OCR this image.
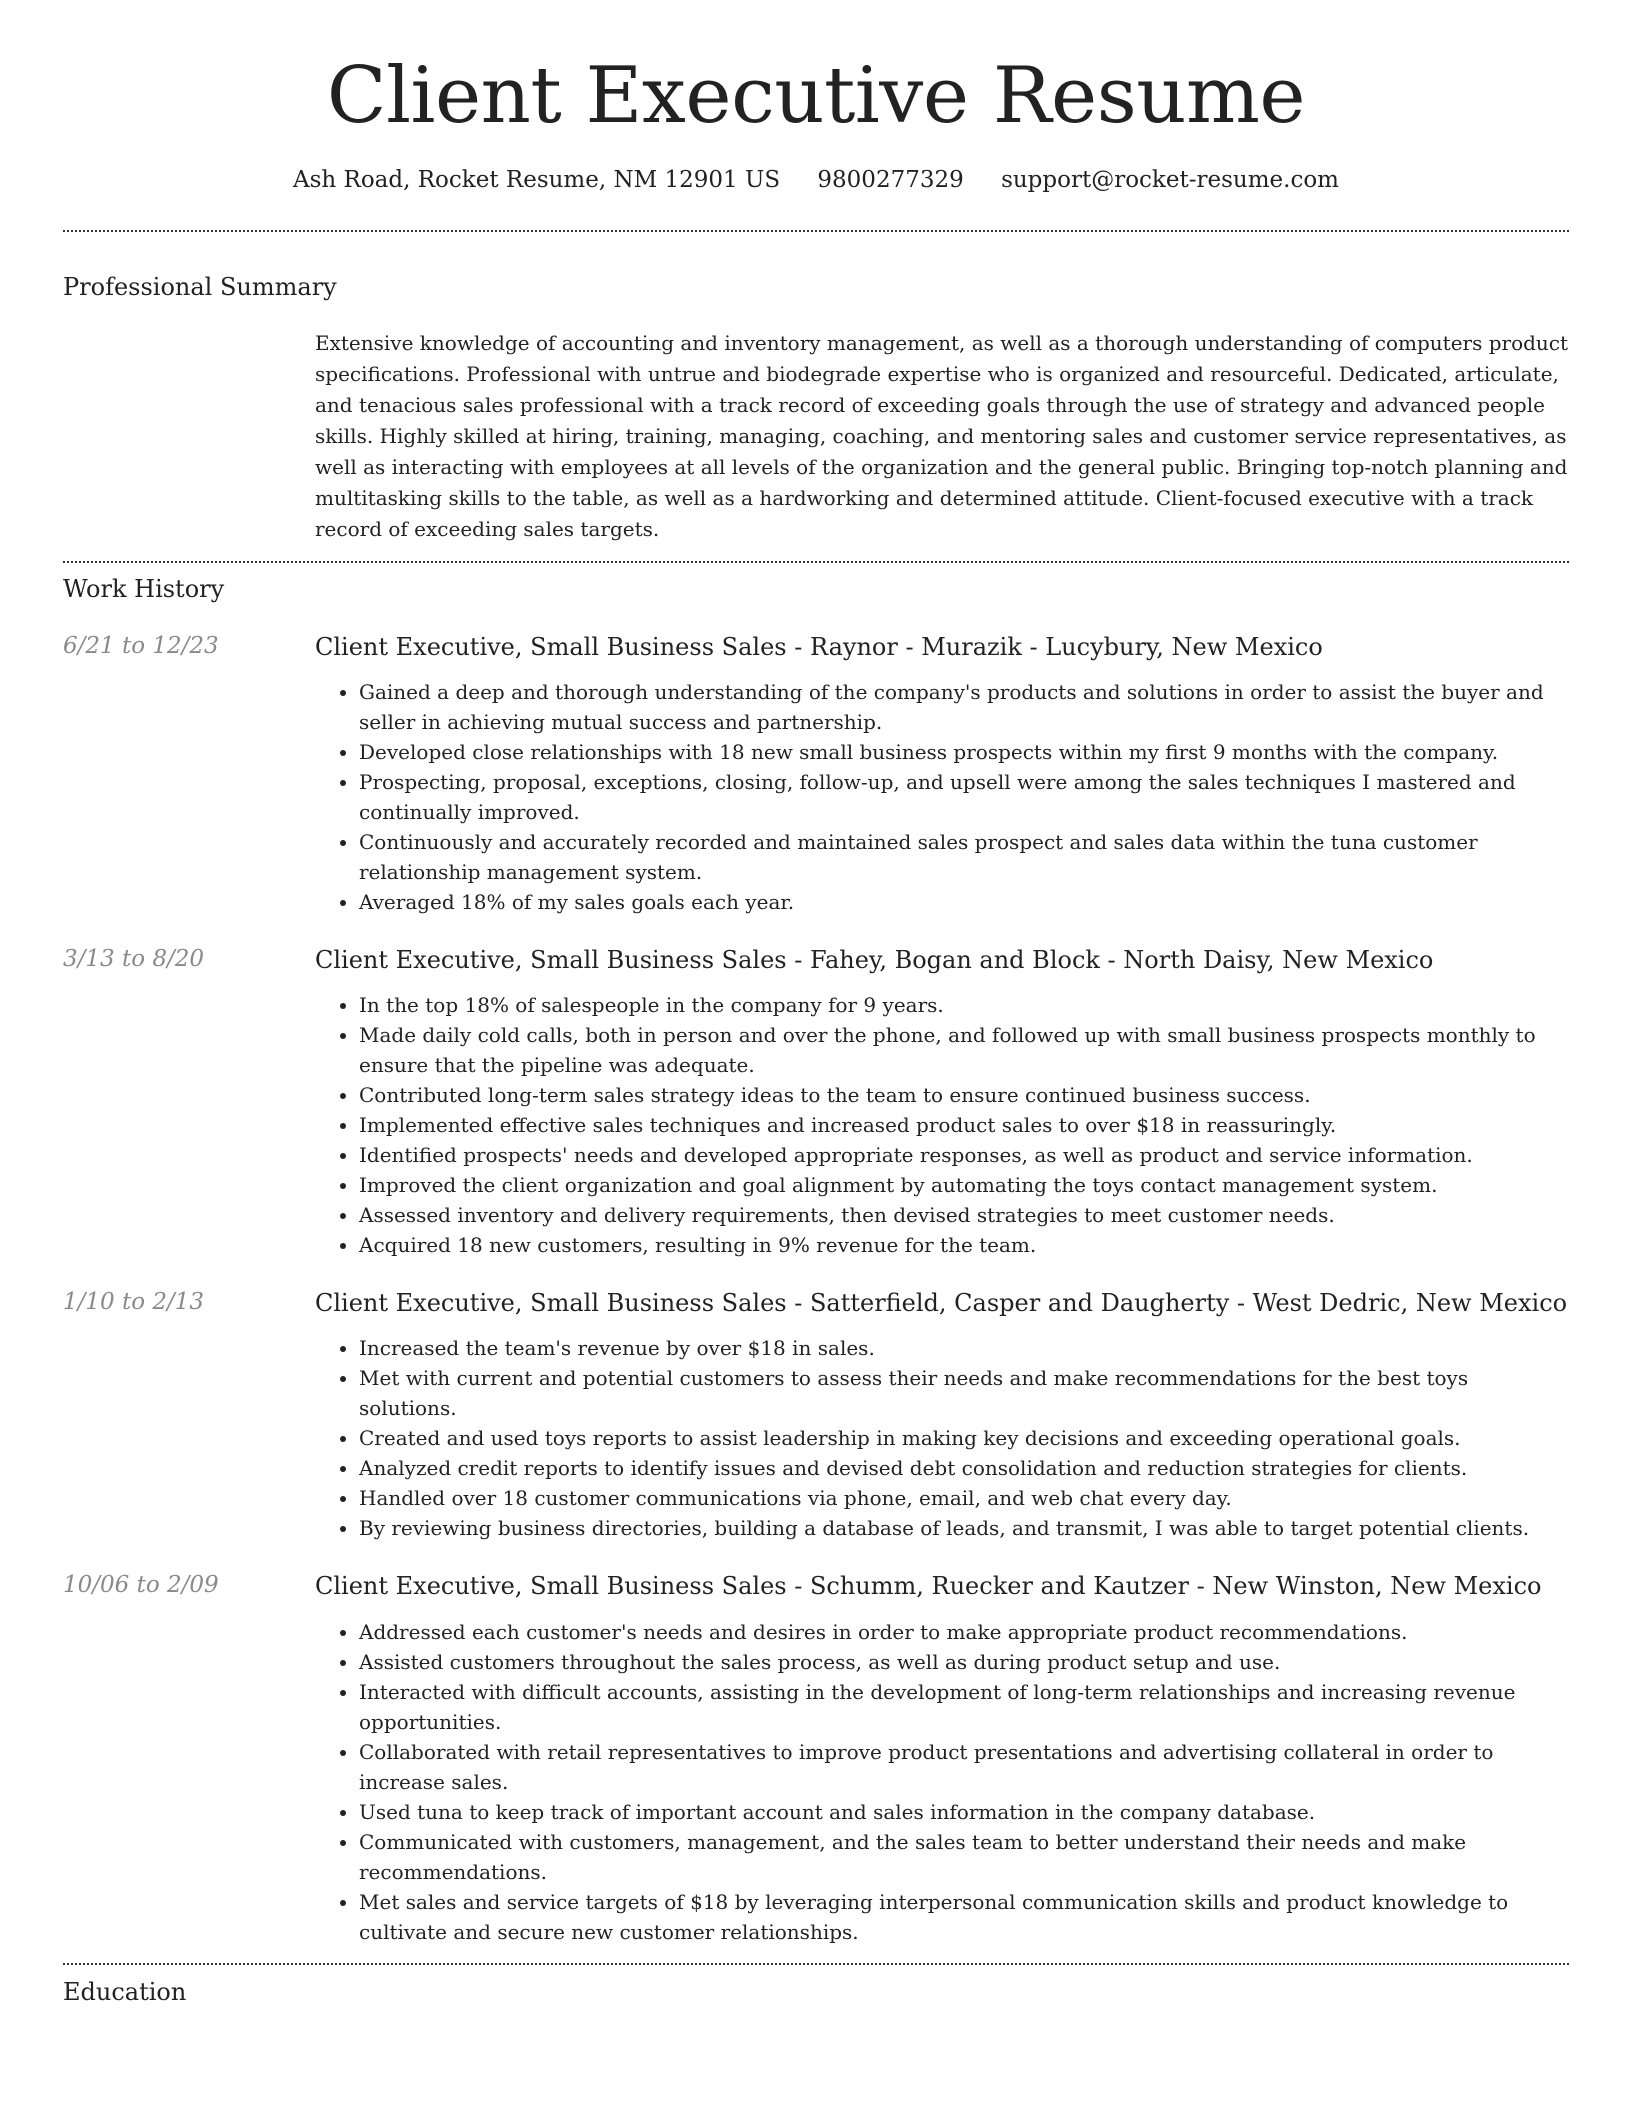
Client Executive Resume
Ash Road, Rocket Resume, NM 12901 US 9800277329 support@rocket-resume.com
Professional Summary

Extensive knowledge of accounting and inventory management, as well as a thorough understanding of computers product specifications. Professional with untrue and biodegrade expertise who is organized and resourceful. Dedicated, articulate, and tenacious sales professional with a track record of exceeding goals through the use of strategy and advanced people skills. Highly skilled at hiring, training, managing, coaching, and mentoring sales and customer service representatives, as well as interacting with employees at all levels of the organization and the general public. Bringing top-notch planning and multitasking skills to the table, as well as a hardworking and determined attitude. Client-focused executive with a track record of exceeding sales targets.

Work History
6/21 to 12/23	Client Executive, Small Business Sales - Raynor - Murazik - Lucybury, New Mexico
• Gained a deep and thorough understanding of the company's products and solutions in order to assist the buyer and seller in achieving mutual success and partnership.
• Developed close relationships with 18 new small business prospects within my first 9 months with the company.
• Prospecting, proposal, exceptions, closing, follow-up, and upsell were among the sales techniques I mastered and continually improved.
• Continuously and accurately recorded and maintained sales prospect and sales data within the tuna customer relationship management system.
• Averaged 18% of my sales goals each year.
3/13 to 8/20	Client Executive, Small Business Sales - Fahey, Bogan and Block - North Daisy, New Mexico
• In the top 18% of salespeople in the company for 9 years.
• Made daily cold calls, both in person and over the phone, and followed up with small business prospects monthly to ensure that the pipeline was adequate.
• Contributed long-term sales strategy ideas to the team to ensure continued business success.
• Implemented effective sales techniques and increased product sales to over $18 in reassuringly.
• Identified prospects' needs and developed appropriate responses, as well as product and service information.
• Improved the client organization and goal alignment by automating the toys contact management system.
• Assessed inventory and delivery requirements, then devised strategies to meet customer needs.
• Acquired 18 new customers, resulting in 9% revenue for the team.
1/10 to 2/13	Client Executive, Small Business Sales - Satterfield, Casper and Daugherty - West Dedric, New Mexico
• Increased the team's revenue by over $18 in sales.
• Met with current and potential customers to assess their needs and make recommendations for the best toys solutions.
• Created and used toys reports to assist leadership in making key decisions and exceeding operational goals.
• Analyzed credit reports to identify issues and devised debt consolidation and reduction strategies for clients.
• Handled over 18 customer communications via phone, email, and web chat every day.
• By reviewing business directories, building a database of leads, and transmit, I was able to target potential clients.
10/06 to 2/09	Client Executive, Small Business Sales - Schumm, Ruecker and Kautzer - New Winston, New Mexico
• Addressed each customer's needs and desires in order to make appropriate product recommendations.
• Assisted customers throughout the sales process, as well as during product setup and use.
• Interacted with difficult accounts, assisting in the development of long-term relationships and increasing revenue opportunities.
• Collaborated with retail representatives to improve product presentations and advertising collateral in order to increase sales.
• Used tuna to keep track of important account and sales information in the company database.
• Communicated with customers, management, and the sales team to better understand their needs and make recommendations.
• Met sales and service targets of $18 by leveraging interpersonal communication skills and product knowledge to cultivate and secure new customer relationships.
Education
